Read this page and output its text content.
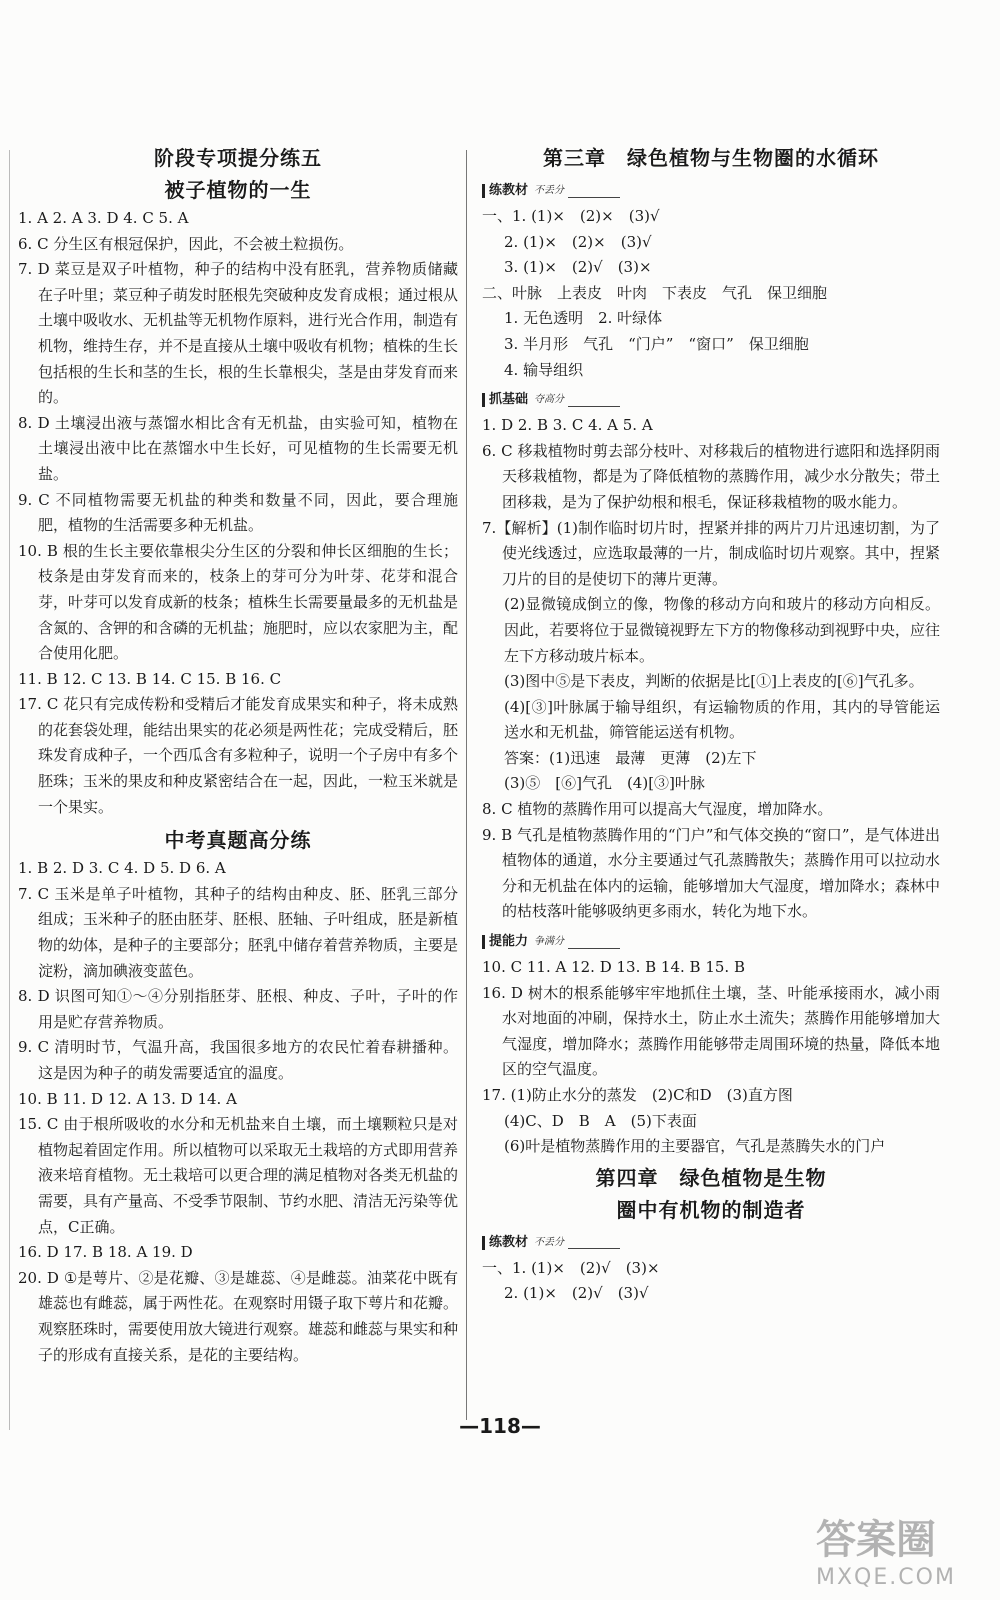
阶段专项提分练五
被子植物的一生

1. A 2. A 3. D 4. C 5. A

6. C 分生区有根冠保护，因此，不会被土粒损伤。

7. D 菜豆是双子叶植物，种子的结构中没有胚乳，营养物质储藏在子叶里；菜豆种子萌发时胚根先突破种皮发育成根；通过根从土壤中吸收水、无机盐等无机物作原料，进行光合作用，制造有机物，维持生存，并不是直接从土壤中吸收有机物；植株的生长包括根的生长和茎的生长，根的生长靠根尖，茎是由芽发育而来的。

8. D 土壤浸出液与蒸馏水相比含有无机盐，由实验可知，植物在土壤浸出液中比在蒸馏水中生长好，可见植物的生长需要无机盐。

9. C 不同植物需要无机盐的种类和数量不同，因此，要合理施肥，植物的生活需要多种无机盐。

10. B 根的生长主要依靠根尖分生区的分裂和伸长区细胞的生长；枝条是由芽发育而来的，枝条上的芽可分为叶芽、花芽和混合芽，叶芽可以发育成新的枝条；植株生长需要量最多的无机盐是含氮的、含钾的和含磷的无机盐；施肥时，应以农家肥为主，配合使用化肥。

11. B 12. C 13. B 14. C 15. B 16. C

17. C 花只有完成传粉和受精后才能发育成果实和种子，将未成熟的花套袋处理，能结出果实的花必须是两性花；完成受精后，胚珠发育成种子，一个西瓜含有多粒种子，说明一个子房中有多个胚珠；玉米的果皮和种皮紧密结合在一起，因此，一粒玉米就是一个果实。

中考真题高分练

1. B 2. D 3. C 4. D 5. D 6. A

7. C 玉米是单子叶植物，其种子的结构由种皮、胚、胚乳三部分组成；玉米种子的胚由胚芽、胚根、胚轴、子叶组成，胚是新植物的幼体，是种子的主要部分；胚乳中储存着营养物质，主要是淀粉，滴加碘液变蓝色。

8. D 识图可知①～④分别指胚芽、胚根、种皮、子叶，子叶的作用是贮存营养物质。

9. C 清明时节，气温升高，我国很多地方的农民忙着春耕播种。这是因为种子的萌发需要适宜的温度。

10. B 11. D 12. A 13. D 14. A

15. C 由于根所吸收的水分和无机盐来自土壤，而土壤颗粒只是对植物起着固定作用。所以植物可以采取无土栽培的方式即用营养液来培育植物。无土栽培可以更合理的满足植物对各类无机盐的需要，具有产量高、不受季节限制、节约水肥、清洁无污染等优点，C正确。

16. D 17. B 18. A 19. D

20. D ①是萼片、②是花瓣、③是雄蕊、④是雌蕊。油菜花中既有雄蕊也有雌蕊，属于两性花。在观察时用镊子取下萼片和花瓣。观察胚珠时，需要使用放大镜进行观察。雄蕊和雌蕊与果实和种子的形成有直接关系，是花的主要结构。

第三章　绿色植物与生物圈的水循环
练教材 不丢分

一、1. (1)×　(2)×　(3)√

2. (1)×　(2)×　(3)√

3. (1)×　(2)√　(3)×

二、叶脉　上表皮　叶肉　下表皮　气孔　保卫细胞

1. 无色透明　2. 叶绿体

3. 半月形　气孔　“门户”　“窗口”　保卫细胞

4. 输导组织

抓基础 夺高分

1. D 2. B 3. C 4. A 5. A

6. C 移栽植物时剪去部分枝叶、对移栽后的植物进行遮阳和选择阴雨天移栽植物，都是为了降低植物的蒸腾作用，减少水分散失；带土团移栽，是为了保护幼根和根毛，保证移栽植物的吸水能力。

7.【解析】(1)制作临时切片时，捏紧并排的两片刀片迅速切割，为了使光线透过，应选取最薄的一片，制成临时切片观察。其中，捏紧刀片的目的是使切下的薄片更薄。

(2)显微镜成倒立的像，物像的移动方向和玻片的移动方向相反。因此，若要将位于显微镜视野左下方的物像移动到视野中央，应往左下方移动玻片标本。

(3)图中⑤是下表皮，判断的依据是比[①]上表皮的[⑥]气孔多。

(4)[③]叶脉属于输导组织，有运输物质的作用，其内的导管能运送水和无机盐，筛管能运送有机物。

答案：(1)迅速　最薄　更薄　(2)左下

(3)⑤　[⑥]气孔　(4)[③]叶脉

8. C 植物的蒸腾作用可以提高大气湿度，增加降水。

9. B 气孔是植物蒸腾作用的“门户”和气体交换的“窗口”，是气体进出植物体的通道，水分主要通过气孔蒸腾散失；蒸腾作用可以拉动水分和无机盐在体内的运输，能够增加大气湿度，增加降水；森林中的枯枝落叶能够吸纳更多雨水，转化为地下水。

提能力 争满分

10. C 11. A 12. D 13. B 14. B 15. B

16. D 树木的根系能够牢牢地抓住土壤，茎、叶能承接雨水，减小雨水对地面的冲刷，保持水土，防止水土流失；蒸腾作用能够增加大气湿度，增加降水；蒸腾作用能够带走周围环境的热量，降低本地区的空气温度。

17. (1)防止水分的蒸发　(2)C和D　(3)直方图

(4)C、D　B　A　(5)下表面

(6)叶是植物蒸腾作用的主要器官，气孔是蒸腾失水的门户

第四章　绿色植物是生物
圈中有机物的制造者
练教材 不丢分

一、1. (1)×　(2)√　(3)×

2. (1)×　(2)√　(3)√

—118—
答案圈
MXQE.COM
